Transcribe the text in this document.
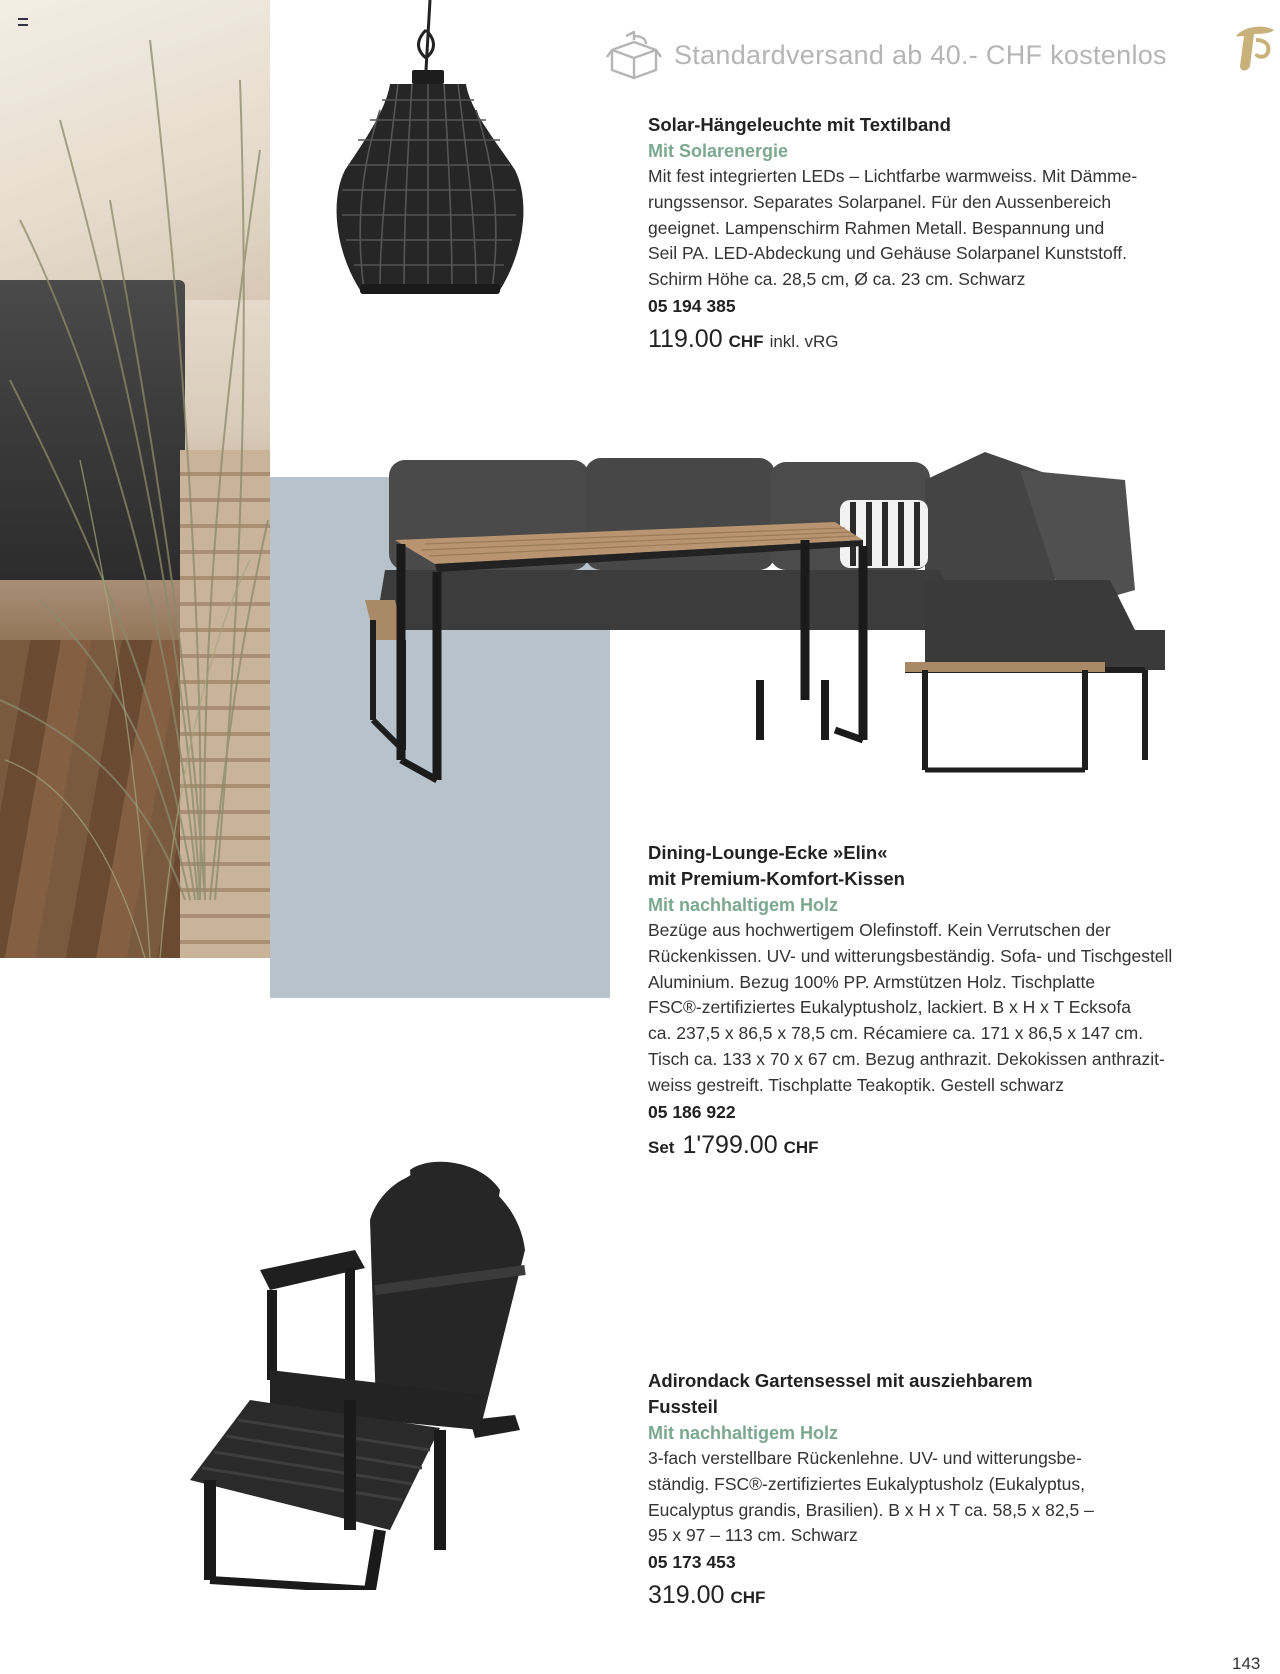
Standardversand ab 40.- CHF kostenlos
Solar-Hängeleuchte mit Textilband
Mit Solarenergie
Mit fest integrierten LEDs – Lichtfarbe warmweiss. Mit Dämme-
rungssensor. Separates Solarpanel. Für den Aussenbereich
geeignet. Lampenschirm Rahmen Metall. Bespannung und
Seil PA. LED-Abdeckung und Gehäuse Solarpanel Kunststoff.
Schirm Höhe ca. 28,5 cm, Ø ca. 23 cm. Schwarz
05 194 385
119.00 CHF inkl. vRG
Dining-Lounge-Ecke »Elin«
mit Premium-Komfort-Kissen
Mit nachhaltigem Holz
Bezüge aus hochwertigem Olefinstoff. Kein Verrutschen der
Rückenkissen. UV- und witterungsbeständig. Sofa- und Tischgestell
Aluminium. Bezug 100% PP. Armstützen Holz. Tischplatte
FSC®-zertifiziertes Eukalyptusholz, lackiert. B x H x T Ecksofa
ca. 237,5 x 86,5 x 78,5 cm. Récamiere ca. 171 x 86,5 x 147 cm.
Tisch ca. 133 x 70 x 67 cm. Bezug anthrazit. Dekokissen anthrazit-
weiss gestreift. Tischplatte Teakoptik. Gestell schwarz
05 186 922
Set 1'799.00 CHF
Adirondack Gartensessel mit ausziehbarem
Fussteil
Mit nachhaltigem Holz
3-fach verstellbare Rückenlehne. UV- und witterungsbe-
ständig. FSC®-zertifiziertes Eukalyptusholz (Eukalyptus,
Eucalyptus grandis, Brasilien). B x H x T ca. 58,5 x 82,5 –
95 x 97 – 113 cm. Schwarz
05 173 453
319.00 CHF
143
